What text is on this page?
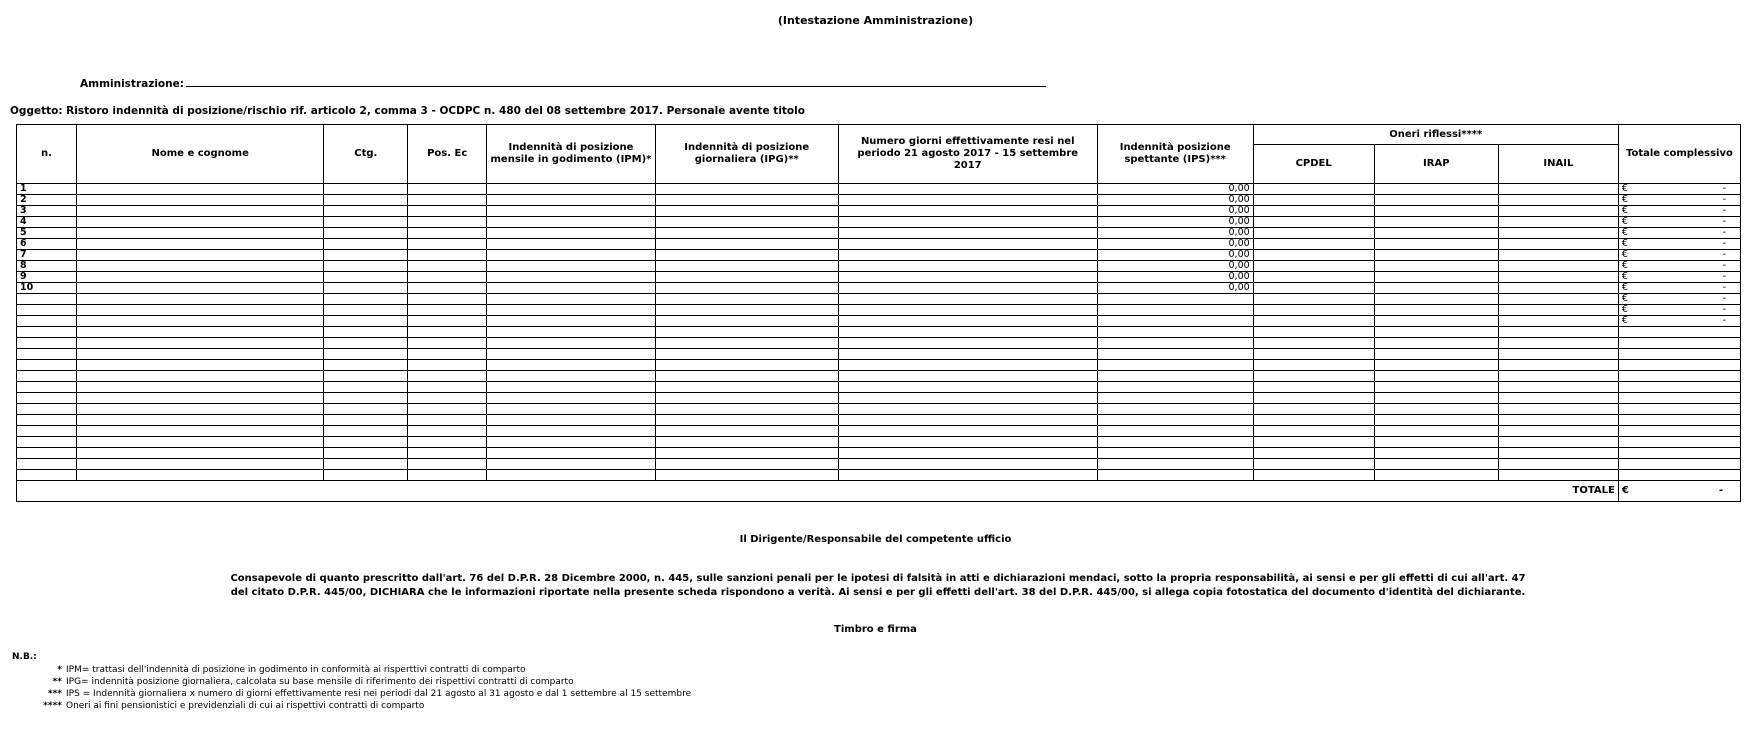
(Intestazione Amministrazione)
Amministrazione:
Oggetto: Ristoro indennità di posizione/rischio rif. articolo 2, comma 3 - OCDPC n. 480 del 08 settembre 2017. Personale avente titolo
n.	Nome e cognome	Ctg.	Pos. Ec	Indennità di posizione mensile in godimento (IPM)*	Indennità di posizione giornaliera (IPG)**	Numero giorni effettivamente resi nel periodo 21 agosto 2017 - 15 settembre 2017	Indennità posizione spettante (IPS)***	Oneri riflessi****			Totale complessivo	
								CPDEL	IRAP	INAIL		
1							0,00				€	-
2							0,00				€	-
3							0,00				€	-
4							0,00				€	-
5							0,00				€	-
6							0,00				€	-
7							0,00				€	-
8							0,00				€	-
9							0,00				€	-
10							0,00				€	-
											€	-
											€	-
											€	-

TOTALE											€ -	
Il Dirigente/Responsabile del competente ufficio
Consapevole di quanto prescritto dall'art. 76 del D.P.R. 28 Dicembre 2000, n. 445, sulle sanzioni penali per le ipotesi di falsità in atti e dichiarazioni mendaci, sotto la propria responsabilità, ai sensi e per gli effetti di cui all'art. 47
del citato D.P.R. 445/00, DICHIARA che le informazioni riportate nella presente scheda rispondono a verità. Ai sensi e per gli effetti dell'art. 38 del D.P.R. 445/00, si allega copia fotostatica del documento d'identità del dichiarante.
Timbro e firma
N.B.:
* IPM= trattasi dell'indennità di posizione in godimento in conformità ai risperttivi contratti di comparto
** IPG= indennità posizione giornaliera, calcolata su base mensile di riferimento dei rispettivi contratti di comparto
*** IPS = Indennità giornaliera x numero di giorni effettivamente resi nei periodi dal 21 agosto al 31 agosto e dal 1 settembre al 15 settembre
**** Oneri ai fini pensionistici e previdenziali di cui ai rispettivi contratti di comparto
